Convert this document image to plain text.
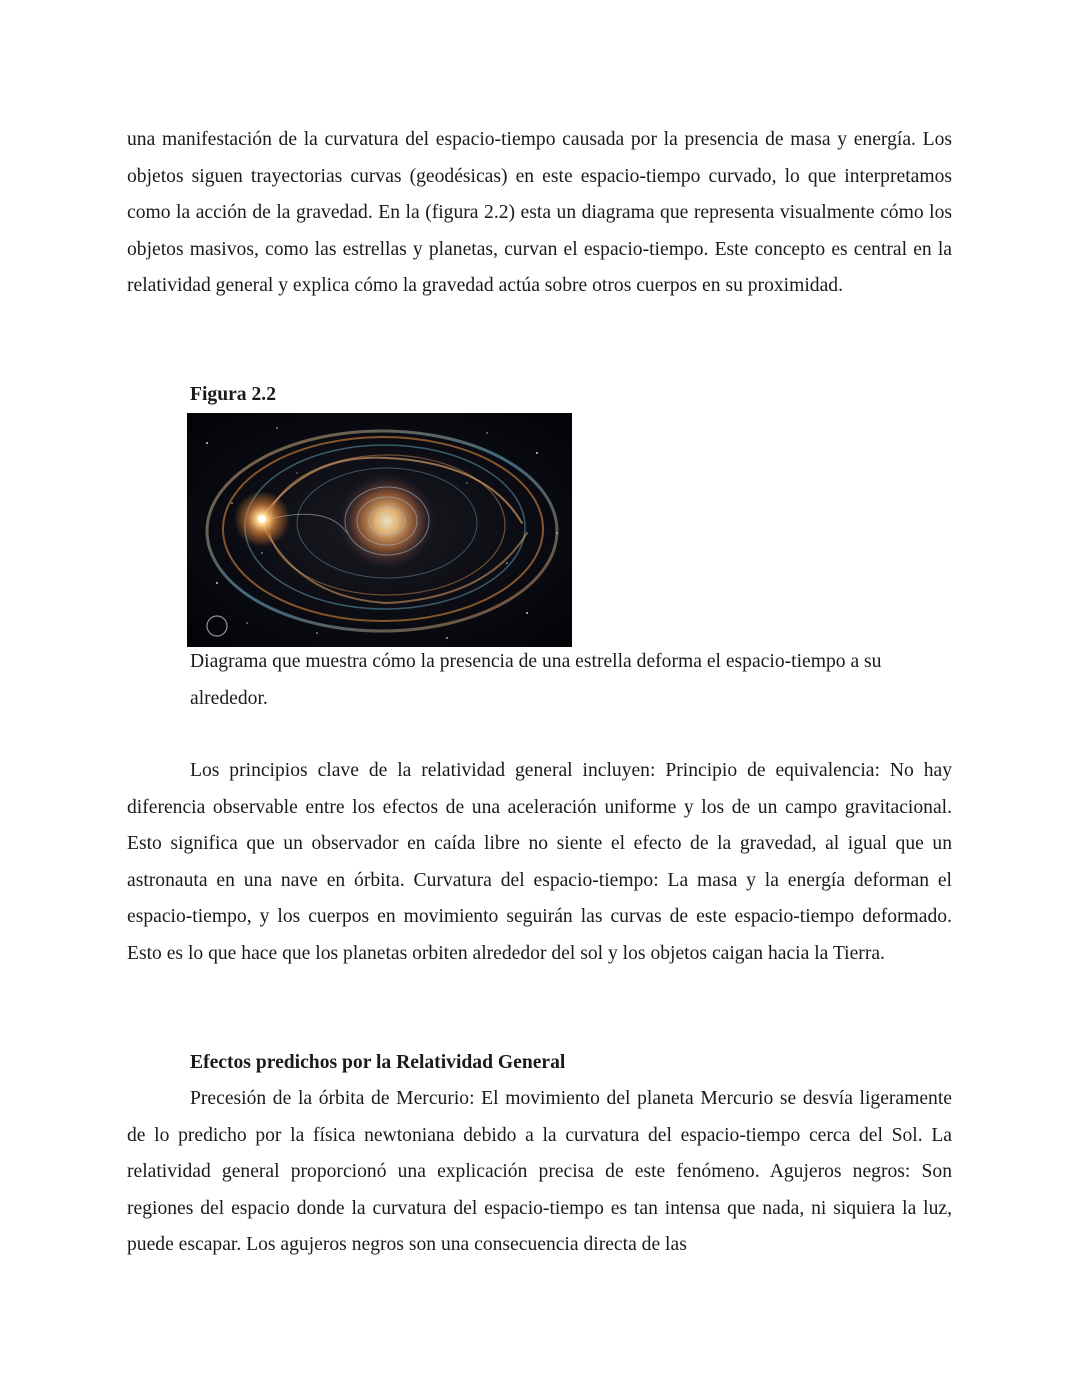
una manifestación de la curvatura del espacio-tiempo causada por la presencia de masa y energía. Los objetos siguen trayectorias curvas (geodésicas) en este espacio-tiempo curvado, lo que interpretamos como la acción de la gravedad. En la (figura 2.2) esta un diagrama que representa visualmente cómo los objetos masivos, como las estrellas y planetas, curvan el espacio-tiempo. Este concepto es central en la relatividad general y explica cómo la gravedad actúa sobre otros cuerpos en su proximidad.

Figura 2.2

Diagrama que muestra cómo la presencia de una estrella deforma el espacio-tiempo a su alrededor.

Los principios clave de la relatividad general incluyen: Principio de equivalencia: No hay diferencia observable entre los efectos de una aceleración uniforme y los de un campo gravitacional. Esto significa que un observador en caída libre no siente el efecto de la gravedad, al igual que un astronauta en una nave en órbita. Curvatura del espacio-tiempo: La masa y la energía deforman el espacio-tiempo, y los cuerpos en movimiento seguirán las curvas de este espacio-tiempo deformado. Esto es lo que hace que los planetas orbiten alrededor del sol y los objetos caigan hacia la Tierra.

Efectos predichos por la Relatividad General

Precesión de la órbita de Mercurio: El movimiento del planeta Mercurio se desvía ligeramente de lo predicho por la física newtoniana debido a la curvatura del espacio-tiempo cerca del Sol. La relatividad general proporcionó una explicación precisa de este fenómeno. Agujeros negros: Son regiones del espacio donde la curvatura del espacio-tiempo es tan intensa que nada, ni siquiera la luz, puede escapar. Los agujeros negros son una consecuencia directa de las
